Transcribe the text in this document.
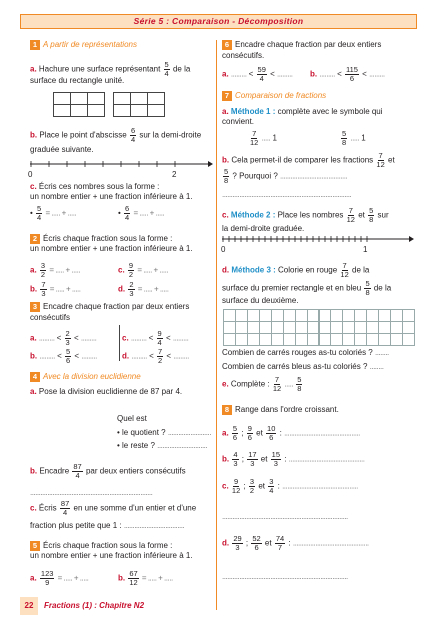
Série 5 : Comparaison - Décomposition
1 A partir de représentations
a. Hachure une surface représentant $\frac{5}{4}$ de la
surface du rectangle unité.

b. Place le point d'abscisse $\frac{6}{4}$ sur la demi-droite
graduée suivante.
0	2
c. Écris ces nombres sous la forme :
un nombre entier + une fraction inférieure à 1.
• $\frac{5}{4}$ = ..... + .....	• $\frac{6}{4}$ = ..... + .....
2 Écris chaque fraction sous la forme :
un nombre entier + une fraction inférieure à 1.
a. $\frac{3}{2}$ = ..... + .....	c. $\frac{9}{2}$ = ..... + .....
b. $\frac{7}{3}$ = ..... + .....	d. $\frac{2}{3}$ = ..... + .....
3 Encadre chaque fraction par deux entiers
consécutifs
a. ......... < $\frac{2}{3}$ < .........	c. ......... < $\frac{9}{4}$ < .........
b. ......... < $\frac{5}{6}$ < .........	d. ......... < $\frac{7}{2}$ < .........
4 Avec la division euclidienne
a. Pose la division euclidienne de 87 par 4.
Quel est
• le quotient ? .........................
• le reste ? .............................
b. Encadre $\frac{87}{4}$ par deux entiers consécutifs
.......................................................................
c. Écris $\frac{87}{4}$ en une somme d'un entier et d'une
fraction plus petite que 1 : ...................................
5 Écris chaque fraction sous la forme :
un nombre entier + une fraction inférieure à 1.
a. $\frac{123}{9}$ = ..... + .....	b. $\frac{67}{12}$ = ..... + .....
6 Encadre chaque fraction par deux entiers
consécutifs.
a. ......... < $\frac{59}{4}$ < ......... b. ......... < $\frac{115}{6}$ < .........
7 Comparaison de fractions
a. Méthode 1 : complète avec le symbole qui
convient.
$\frac{7}{12}$ ..... 1	$\frac{5}{8}$ ..... 1
b. Cela permet-il de comparer les fractions $\frac{7}{12}$ et
$\frac{5}{8}$ ? Pourquoi ? .......................................
...........................................................................
c. Méthode 2 : Place les nombres $\frac{7}{12}$ et $\frac{5}{8}$ sur
la demi-droite graduée.
0	1
d. Méthode 3 : Colorie en rouge $\frac{7}{12}$ de la
surface du premier rectangle et en bleu $\frac{5}{8}$ de la
surface du deuxième.

Combien de carrés rouges as-tu coloriés ? ........
Combien de carrés bleus as-tu coloriés ? ........
e. Complète : $\frac{7}{12}$ ..... $\frac{5}{8}$
8 Range dans l'ordre croissant.
a. $\frac{5}{6}$ ; $\frac{9}{6}$ et $\frac{10}{6}$ : ............................................
b. $\frac{4}{3}$ ; $\frac{17}{3}$ et $\frac{15}{3}$ : ............................................
c. $\frac{9}{12}$ ; $\frac{3}{2}$ et $\frac{3}{4}$ : ............................................
d. $\frac{29}{3}$ ; $\frac{52}{6}$ et $\frac{74}{7}$ : ............................................
.........................................................................
.........................................................................
22	Fractions (1) : Chapitre N2
